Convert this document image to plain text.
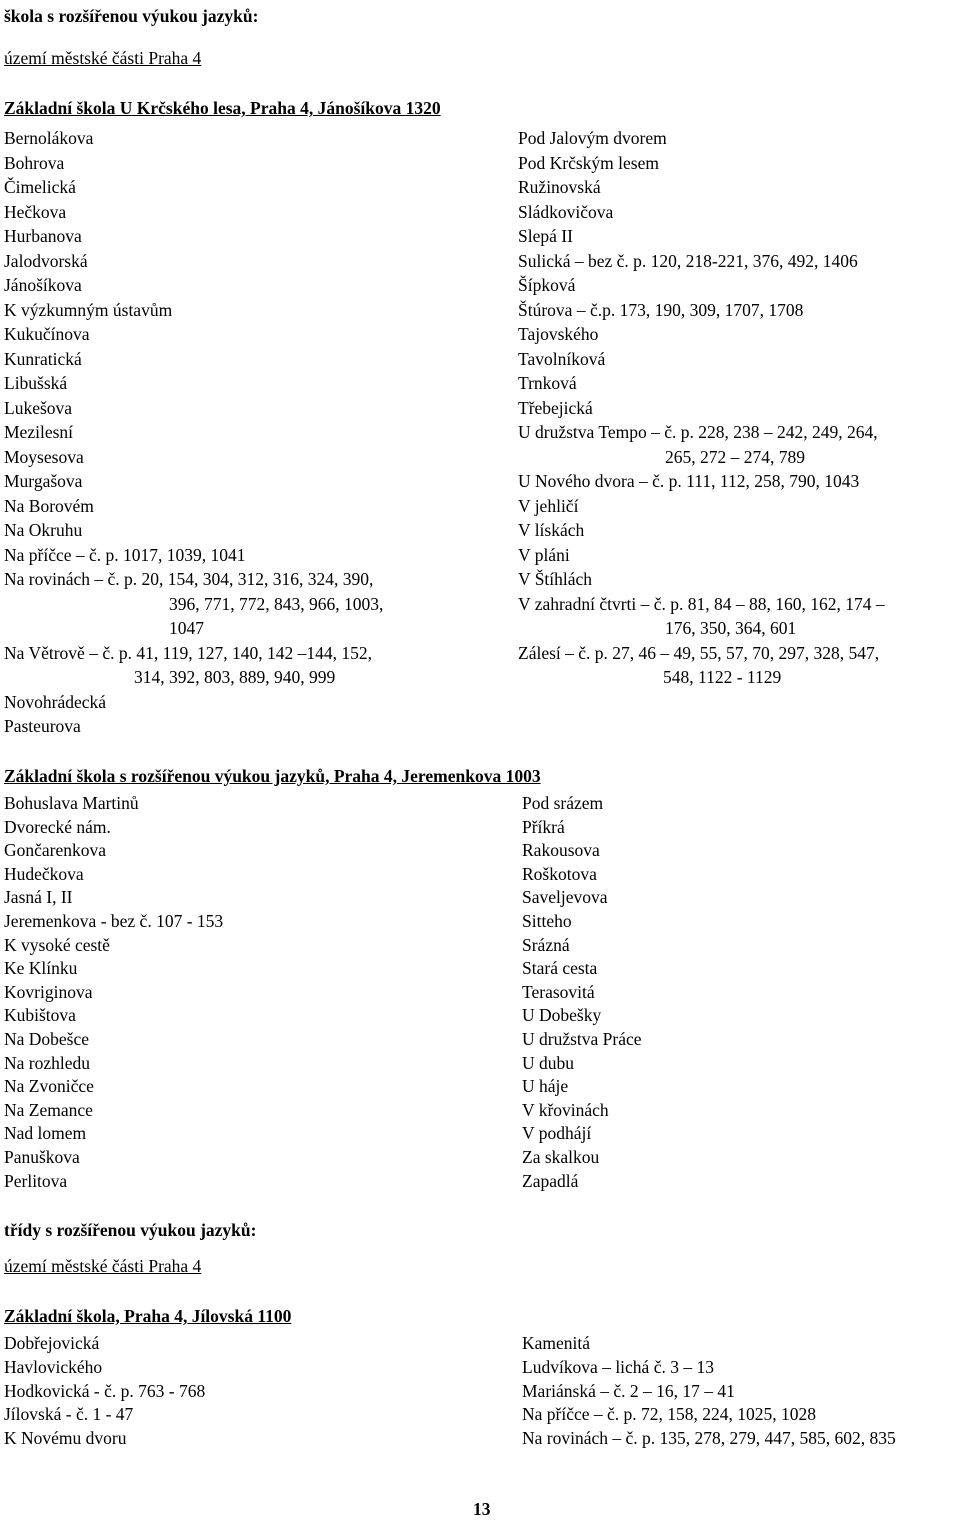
škola s rozšířenou výukou jazyků:
území městské části Praha 4
Základní škola U Krčského lesa, Praha 4, Jánošíkova 1320
Bernolákova
Bohrova
Čimelická
Hečkova
Hurbanova
Jalodvorská
Jánošíkova
K výzkumným ústavům
Kukučínova
Kunratická
Libušská
Lukešova
Mezilesní
Moysesova
Murgašova
Na Borovém
Na Okruhu
Na příčce – č. p. 1017, 1039, 1041
Na rovinách – č. p. 20, 154, 304, 312, 316, 324, 390,
396, 771, 772, 843, 966, 1003,
1047
Na Větrově – č. p. 41, 119, 127, 140, 142 –144, 152,
314, 392, 803, 889, 940, 999
Novohrádecká
Pasteurova
Pod Jalovým dvorem
Pod Krčským lesem
Ružinovská
Sládkovičova
Slepá II
Sulická – bez č. p. 120, 218-221, 376, 492, 1406
Šípková
Štúrova – č.p. 173, 190, 309, 1707, 1708
Tajovského
Tavolníková
Trnková
Třebejická
U družstva Tempo – č. p. 228, 238 – 242, 249, 264,
265, 272 – 274, 789
U Nového dvora – č. p. 111, 112, 258, 790, 1043
V jehličí
V lískách
V pláni
V Štíhlách
V zahradní čtvrti – č. p. 81, 84 – 88, 160, 162, 174 –
176, 350, 364, 601
Zálesí – č. p. 27, 46 – 49, 55, 57, 70, 297, 328, 547,
548, 1122 - 1129
Základní škola s rozšířenou výukou jazyků, Praha 4, Jeremenkova 1003
Bohuslava Martinů
Dvorecké nám.
Gončarenkova
Hudečkova
Jasná I, II
Jeremenkova - bez č. 107 - 153
K vysoké cestě
Ke Klínku
Kovriginova
Kubištova
Na Dobešce
Na rozhledu
Na Zvoničce
Na Zemance
Nad lomem
Panuškova
Perlitova
Pod srázem
Příkrá
Rakousova
Roškotova
Saveljevova
Sitteho
Srázná
Stará cesta
Terasovitá
U Dobešky
U družstva Práce
U dubu
U háje
V křovinách
V podhájí
Za skalkou
Zapadlá
třídy s rozšířenou výukou jazyků:
území městské části Praha 4
Základní škola, Praha 4, Jílovská 1100
Dobřejovická
Havlovického
Hodkovická - č. p. 763 - 768
Jílovská - č. 1 - 47
K Novému dvoru
Kamenitá
Ludvíkova – lichá č. 3 – 13
Mariánská – č. 2 – 16, 17 – 41
Na příčce – č. p. 72, 158, 224, 1025, 1028
Na rovinách – č. p. 135, 278, 279, 447, 585, 602, 835
13
